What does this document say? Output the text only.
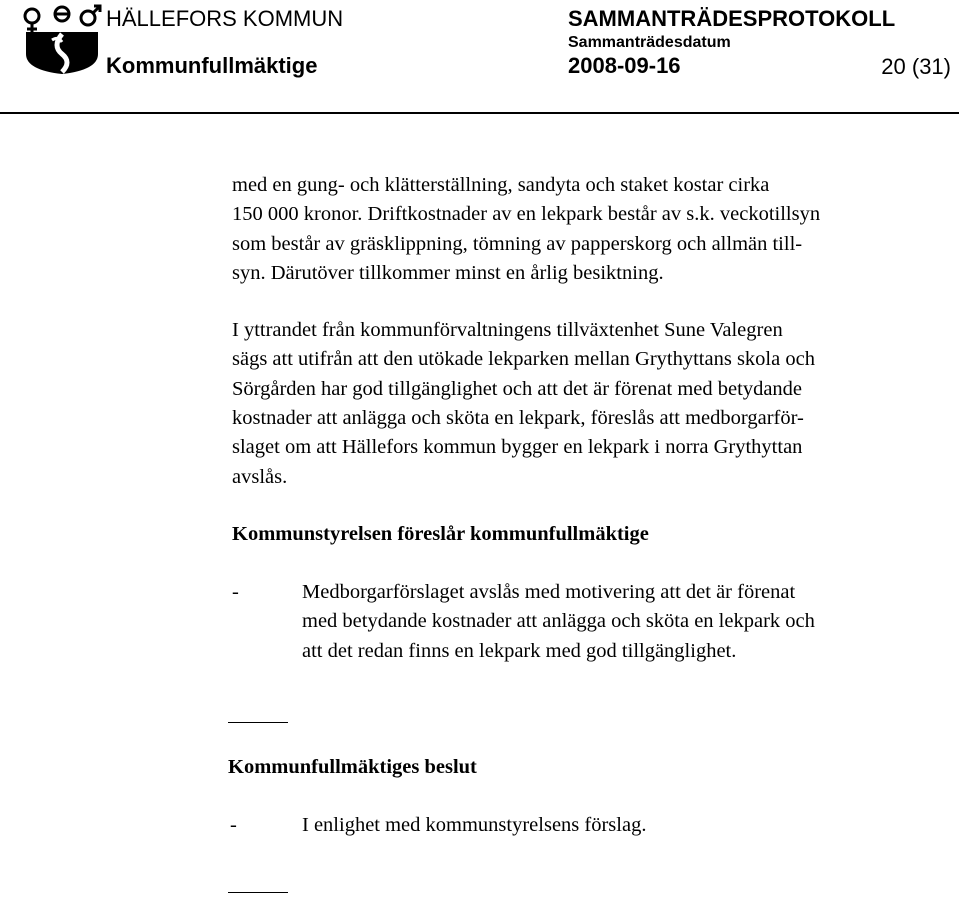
HÄLLEFORS KOMMUN
Kommunfullmäktige
SAMMANTRÄDESPROTOKOLL
Sammanträdesdatum
2008-09-16	20 (31)
med en gung- och klätterställning, sandyta och staket kostar cirka
150 000 kronor. Driftkostnader av en lekpark består av s.k. veckotillsyn
som består av gräsklippning, tömning av papperskorg och allmän till-
syn. Därutöver tillkommer minst en årlig besiktning.
I yttrandet från kommunförvaltningens tillväxtenhet Sune Valegren
sägs att utifrån att den utökade lekparken mellan Grythyttans skola och
Sörgården har god tillgänglighet och att det är förenat med betydande
kostnader att anlägga och sköta en lekpark, föreslås att medborgarför-
slaget om att Hällefors kommun bygger en lekpark i norra Grythyttan
avslås.
Kommunstyrelsen föreslår kommunfullmäktige
-	Medborgarförslaget avslås med motivering att det är förenat
med betydande kostnader att anlägga och sköta en lekpark och
att det redan finns en lekpark med god tillgänglighet.
Kommunfullmäktiges beslut
-	I enlighet med kommunstyrelsens förslag.
